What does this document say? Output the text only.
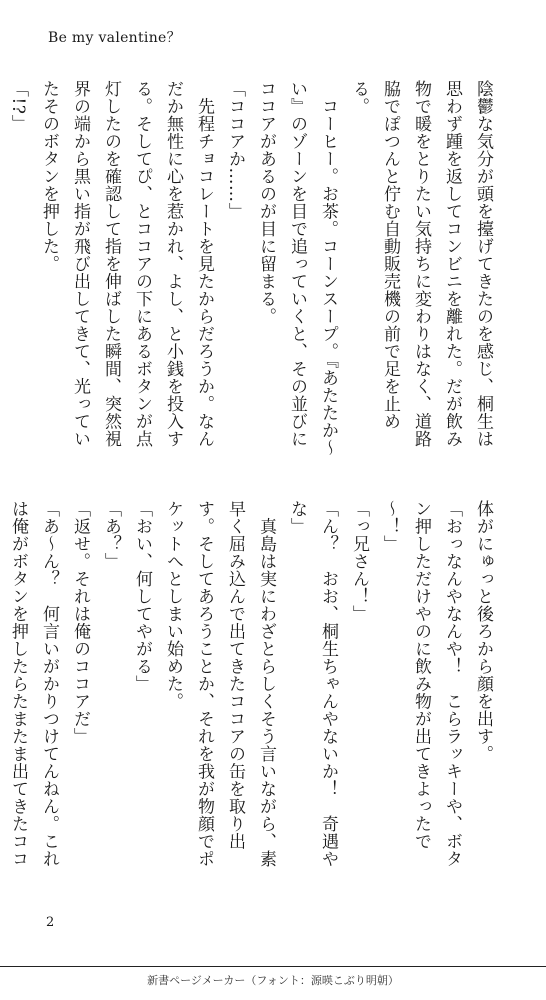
Be my valentine？

陰鬱な気分が頭を擡げてきたのを感じ、桐生は思わず踵を返してコンビニを離れた。だが飲み物で暖をとりたい気持ちに変わりはなく、道路脇でぽつんと佇む自動販売機の前で足を止める。

　コーヒー。お茶。コーンスープ。『あたたか～い』のゾーンを目で追っていくと、その並びにココアがあるのが目に留まる。

「ココアか……」

　先程チョコレートを見たからだろうか。なんだか無性に心を惹かれ、よし、と小銭を投入する。そしてぴ、とココアの下にあるボタンが点灯したのを確認して指を伸ばした瞬間、突然視界の端から黒い指が飛び出してきて、光っていたそのボタンを押した。

「!?」

体がにゅっと後ろから顔を出す。

「おっなんやなんや！　こらラッキーや、ボタン押しただけやのに飲み物が出てきよったで～！」

「っ兄さん！」

「ん？　おお、桐生ちゃんやないか！　奇遇やな」

　真島は実にわざとらしくそう言いながら、素早く屈み込んで出てきたココアの缶を取り出す。そしてあろうことか、それを我が物顔でポケットへとしまい始めた。

「おい、何してやがる」

「あ？」

「返せ。それは俺のココアだ」

「あ～ん？　何言いがかりつけてんねん。これは俺がボタンを押したらたまたま出てきたココ

2
新書ページメーカー（フォント：源暎こぶり明朝）
